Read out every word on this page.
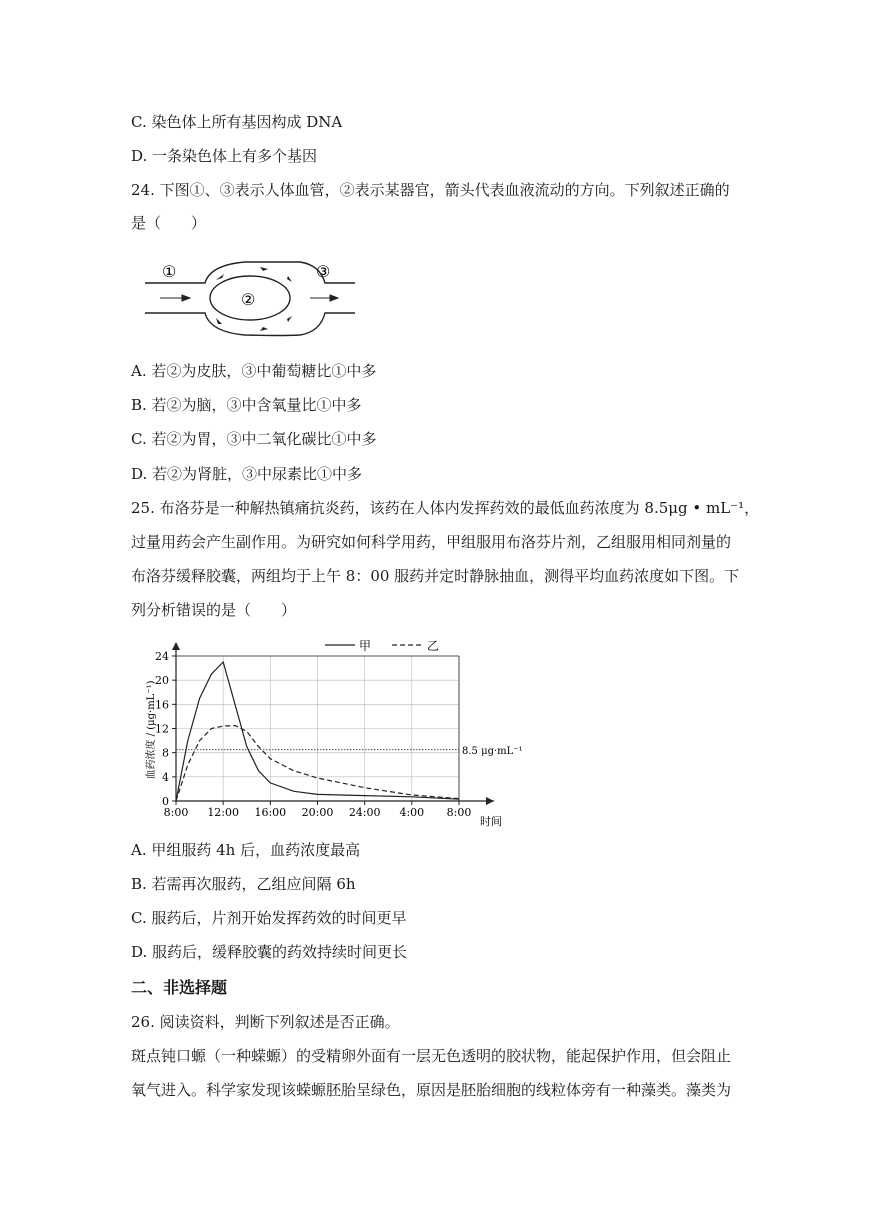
C. 染色体上所有基因构成 DNA
D. 一条染色体上有多个基因
24. 下图①、③表示人体血管，②表示某器官，箭头代表血液流动的方向。下列叙述正确的
是（　　）
①
②
③
A. 若②为皮肤，③中葡萄糖比①中多
B. 若②为脑，③中含氧量比①中多
C. 若②为胃，③中二氧化碳比①中多
D. 若②为肾脏，③中尿素比①中多
25. 布洛芬是一种解热镇痛抗炎药，该药在人体内发挥药效的最低血药浓度为 8.5μg • mL⁻¹，
过量用药会产生副作用。为研究如何科学用药，甲组服用布洛芬片剂，乙组服用相同剂量的
布洛芬缓释胶囊，两组均于上午 8：00 服药并定时静脉抽血，测得平均血药浓度如下图。下
列分析错误的是（　　）
甲	乙
血药浓度 / (μg·mL⁻¹)
时间
8.5 μg·mL⁻¹
0
4
8
12
16
20
24
8:00 12:00 16:00 20:00 24:00 4:00 8:00
A. 甲组服药 4h 后，血药浓度最高
B. 若需再次服药，乙组应间隔 6h
C. 服药后，片剂开始发挥药效的时间更早
D. 服药后，缓释胶囊的药效持续时间更长
二、非选择题
26. 阅读资料，判断下列叙述是否正确。
斑点钝口螈（一种蝾螈）的受精卵外面有一层无色透明的胶状物，能起保护作用，但会阻止
氧气进入。科学家发现该蝾螈胚胎呈绿色，原因是胚胎细胞的线粒体旁有一种藻类。藻类为
